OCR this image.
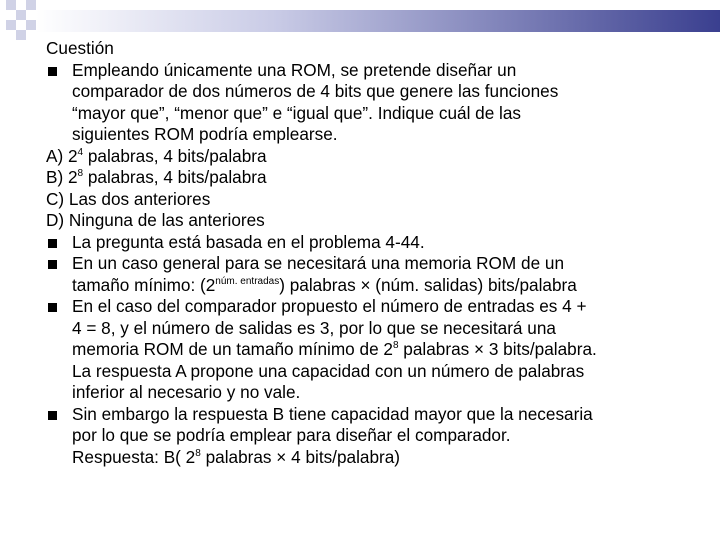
Cuestión
Empleando únicamente una ROM, se pretende diseñar un
comparador de dos números de 4 bits que genere las funciones
“mayor que”, “menor que” e “igual que”. Indique cuál de las
siguientes ROM podría emplearse.
A) $2^4$ palabras, 4 bits/palabra
B) $2^8$ palabras, 4 bits/palabra
C) Las dos anteriores
D) Ninguna de las anteriores
La pregunta está basada en el problema 4-44.
En un caso general para se necesitará una memoria ROM de un
tamaño mínimo: $(2^{núm. entradas})$ palabras × (núm. salidas) bits/palabra
En el caso del comparador propuesto el número de entradas es 4 +
4 = 8, y el número de salidas es 3, por lo que se necesitará una
memoria ROM de un tamaño mínimo de $2^8$ palabras × 3 bits/palabra.
La respuesta A propone una capacidad con un número de palabras
inferior al necesario y no vale.
Sin embargo la respuesta B tiene capacidad mayor que la necesaria
por lo que se podría emplear para diseñar el comparador.
Respuesta: B( $2^8$ palabras × 4 bits/palabra)
